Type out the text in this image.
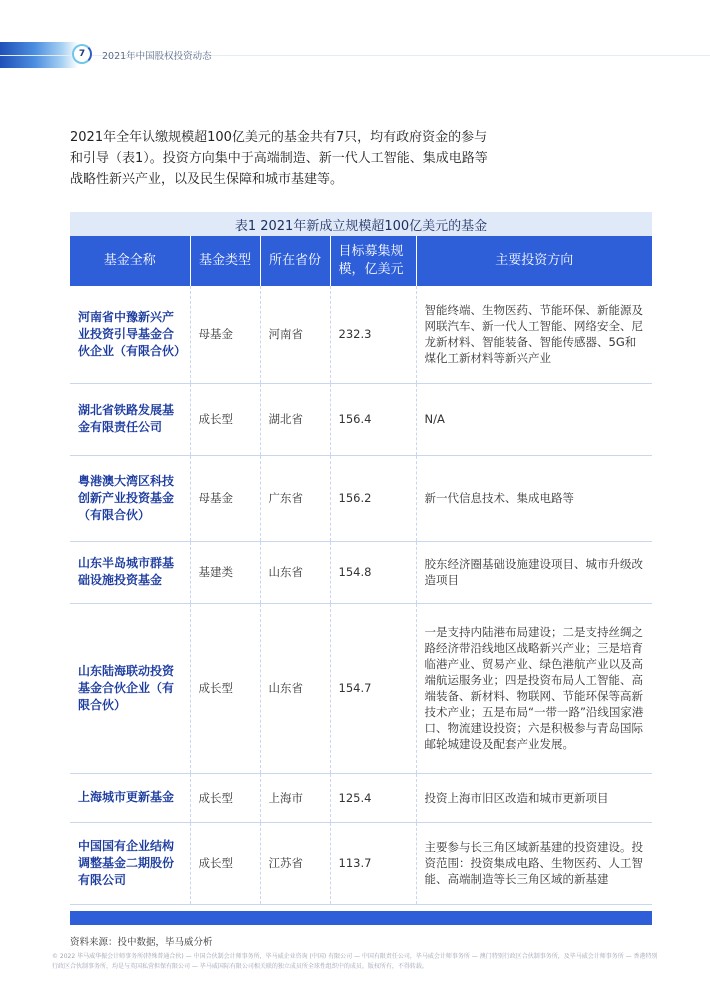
7	2021年中国股权投资动态

2021年全年认缴规模超100亿美元的基金共有7只，均有政府资金的参与和引导（表1）。投资方向集中于高端制造、新一代人工智能、集成电路等战略性新兴产业，以及民生保障和城市基建等。

表1 2021年新成立规模超100亿美元的基金
基金全称	基金类型	所在省份	目标募集规模，亿美元	主要投资方向
河南省中豫新兴产业投资引导基金合伙企业（有限合伙）	母基金	河南省	232.3	智能终端、生物医药、节能环保、新能源及网联汽车、新一代人工智能、网络安全、尼龙新材料、智能装备、智能传感器、5G和煤化工新材料等新兴产业
湖北省铁路发展基金有限责任公司	成长型	湖北省	156.4	N/A
粤港澳大湾区科技创新产业投资基金（有限合伙）	母基金	广东省	156.2	新一代信息技术、集成电路等
山东半岛城市群基础设施投资基金	基建类	山东省	154.8	胶东经济圈基础设施建设项目、城市升级改造项目
山东陆海联动投资基金合伙企业（有限合伙）	成长型	山东省	154.7	一是支持内陆港布局建设；二是支持丝绸之路经济带沿线地区战略新兴产业；三是培育临港产业、贸易产业、绿色港航产业以及高端航运服务业；四是投资布局人工智能、高端装备、新材料、物联网、节能环保等高新技术产业；五是布局“一带一路”沿线国家港口、物流建设投资；六是积极参与青岛国际邮轮城建设及配套产业发展。
上海城市更新基金	成长型	上海市	125.4	投资上海市旧区改造和城市更新项目
中国国有企业结构调整基金二期股份有限公司	成长型	江苏省	113.7	主要参与长三角区域新基建的投资建设。投资范围：投资集成电路、生物医药、人工智能、高端制造等长三角区域的新基建
资料来源：投中数据，毕马威分析
© 2022 毕马威华振会计师事务所(特殊普通合伙) — 中国合伙制会计师事务所，毕马威企业咨询 (中国) 有限公司 — 中国有限责任公司，毕马威会计师事务所 — 澳门特别行政区合伙制事务所，及毕马威会计师事务所 — 香港特别行政区合伙制事务所，均是与英国私营担保有限公司 — 毕马威国际有限公司相关联的独立成员所全球性组织中的成员。版权所有，不得转载。
